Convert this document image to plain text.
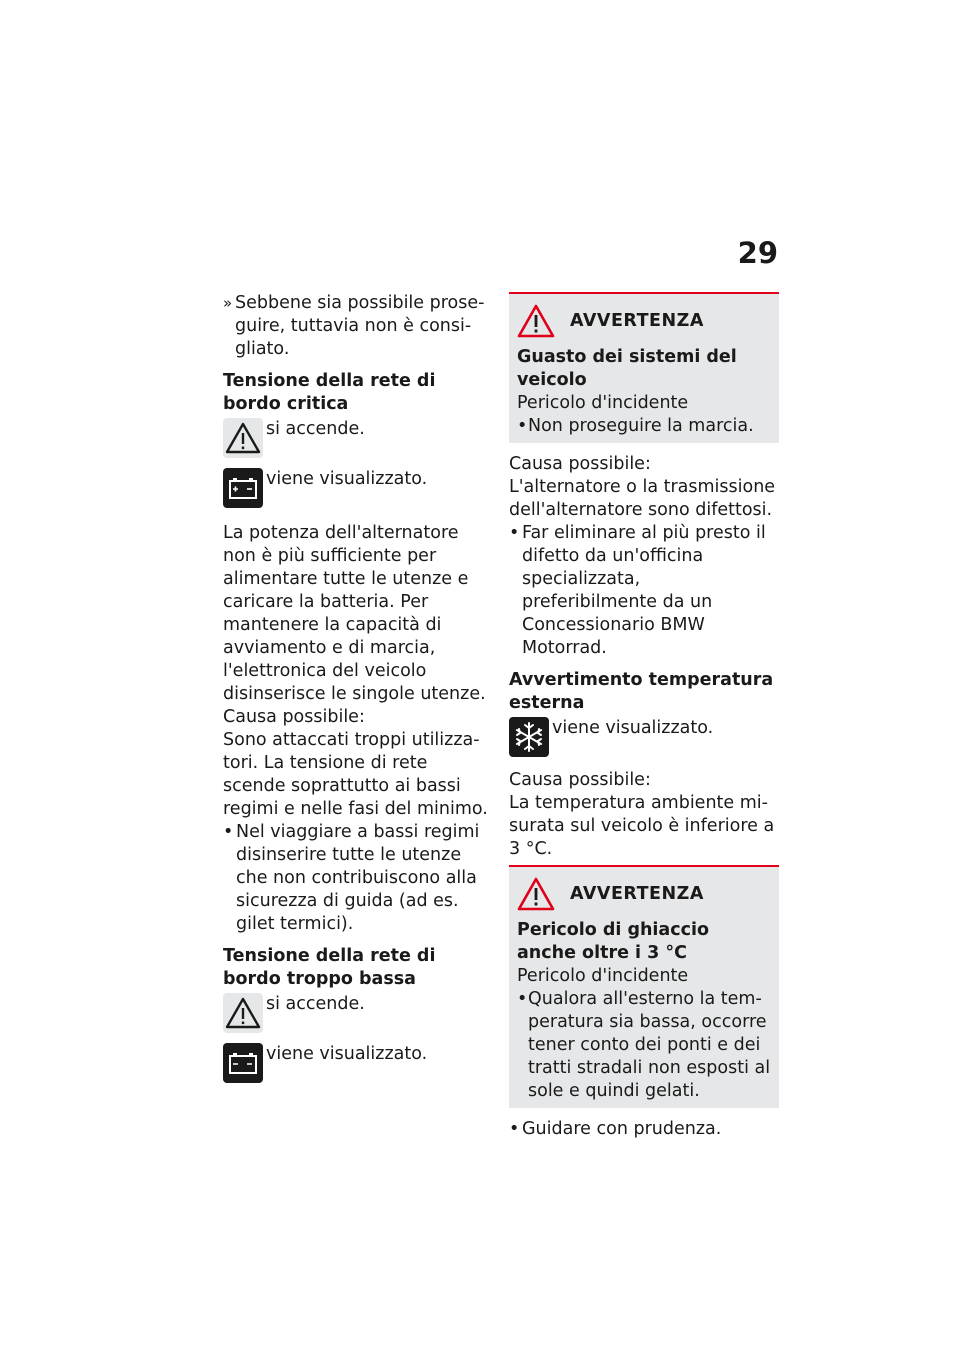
29
» Sebbene sia possibile proseguire, tuttavia non è consigliato.

Tensione della rete di bordo critica

si accende.
viene visualizzato.

La potenza dell'alternatore non è più sufficiente per alimentare tutte le utenze e caricare la batteria. Per mantenere la capacità di avviamento e di marcia, l'elettronica del veicolo disinserisce le singole utenze.

Causa possibile:

Sono attaccati troppi utilizzatori. La tensione di rete scende soprattutto ai bassi regimi e nelle fasi del minimo.

• Nel viaggiare a bassi regimi disinserire tutte le utenze che non contribuiscono alla sicurezza di guida (ad es. gilet termici).

Tensione della rete di bordo troppo bassa

si accende.
viene visualizzato.
AVVERTENZA

Guasto dei sistemi del veicolo

Pericolo d'incidente

• Non proseguire la marcia.

Causa possibile:

L'alternatore o la trasmissione dell'alternatore sono difettosi.

• Far eliminare al più presto il difetto da un'officina specializzata, preferibilmente da un Concessionario BMW Motorrad.

Avvertimento temperatura esterna

viene visualizzato.

Causa possibile:

La temperatura ambiente misurata sul veicolo è inferiore a 3 °C.

AVVERTENZA

Pericolo di ghiaccio anche oltre i 3 °C

Pericolo d'incidente

• Qualora all'esterno la temperatura sia bassa, occorre tener conto dei ponti e dei tratti stradali non esposti al sole e quindi gelati.
• Guidare con prudenza.
